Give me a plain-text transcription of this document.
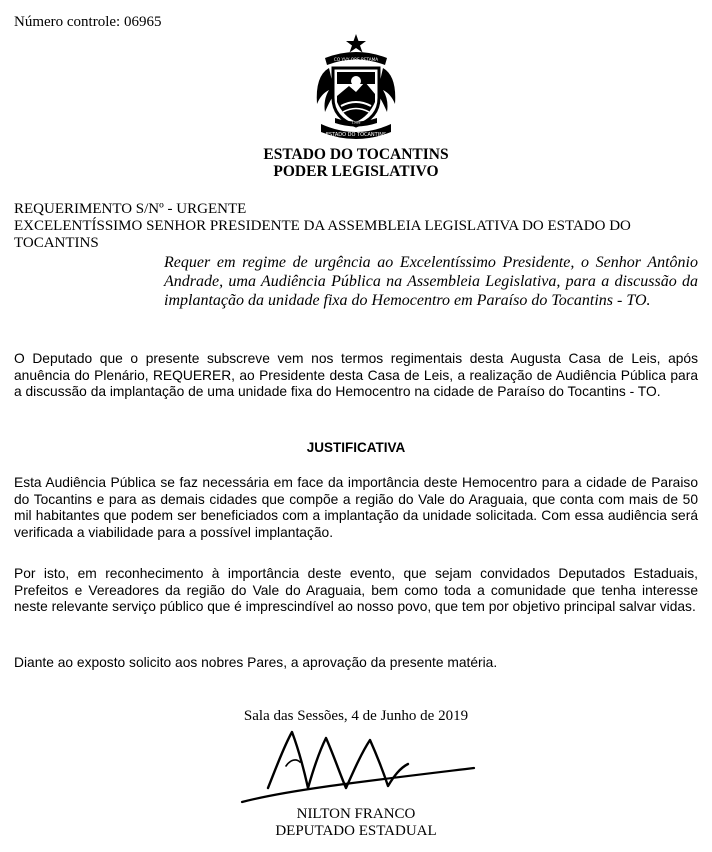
Número controle: 06965
CO YVY ORE RETAMA
1988
ESTADO DO TOCANTINS
ESTADO DO TOCANTINS
PODER LEGISLATIVO
REQUERIMENTO S/Nº - URGENTE
EXCELENTÍSSIMO SENHOR PRESIDENTE DA ASSEMBLEIA LEGISLATIVA DO ESTADO DO
TOCANTINS
Requer em regime de urgência ao Excelentíssimo Presidente, o Senhor Antônio Andrade, uma Audiência Pública na Assembleia Legislativa, para a discussão da implantação da unidade fixa do Hemocentro em Paraíso do Tocantins - TO.
O Deputado que o presente subscreve vem nos termos regimentais desta Augusta Casa de Leis, após anuência do Plenário, REQUERER, ao Presidente desta Casa de Leis, a realização de Audiência Pública para a discussão da implantação de uma unidade fixa do Hemocentro na cidade de Paraíso do Tocantins - TO.
JUSTIFICATIVA
Esta Audiência Pública se faz necessária em face da importância deste Hemocentro para a cidade de Paraiso do Tocantins e para as demais cidades que compõe a região do Vale do Araguaia, que conta com mais de 50 mil habitantes que podem ser beneficiados com a implantação da unidade solicitada. Com essa audiência será verificada a viabilidade para a possível implantação.
Por isto, em reconhecimento à importância deste evento, que sejam convidados Deputados Estaduais, Prefeitos e Vereadores da região do Vale do Araguaia, bem como toda a comunidade que tenha interesse neste relevante serviço público que é imprescindível ao nosso povo, que tem por objetivo principal salvar vidas.
Diante ao exposto solicito aos nobres Pares, a aprovação da presente matéria.
Sala das Sessões, 4 de Junho de 2019
NILTON FRANCO
DEPUTADO ESTADUAL
